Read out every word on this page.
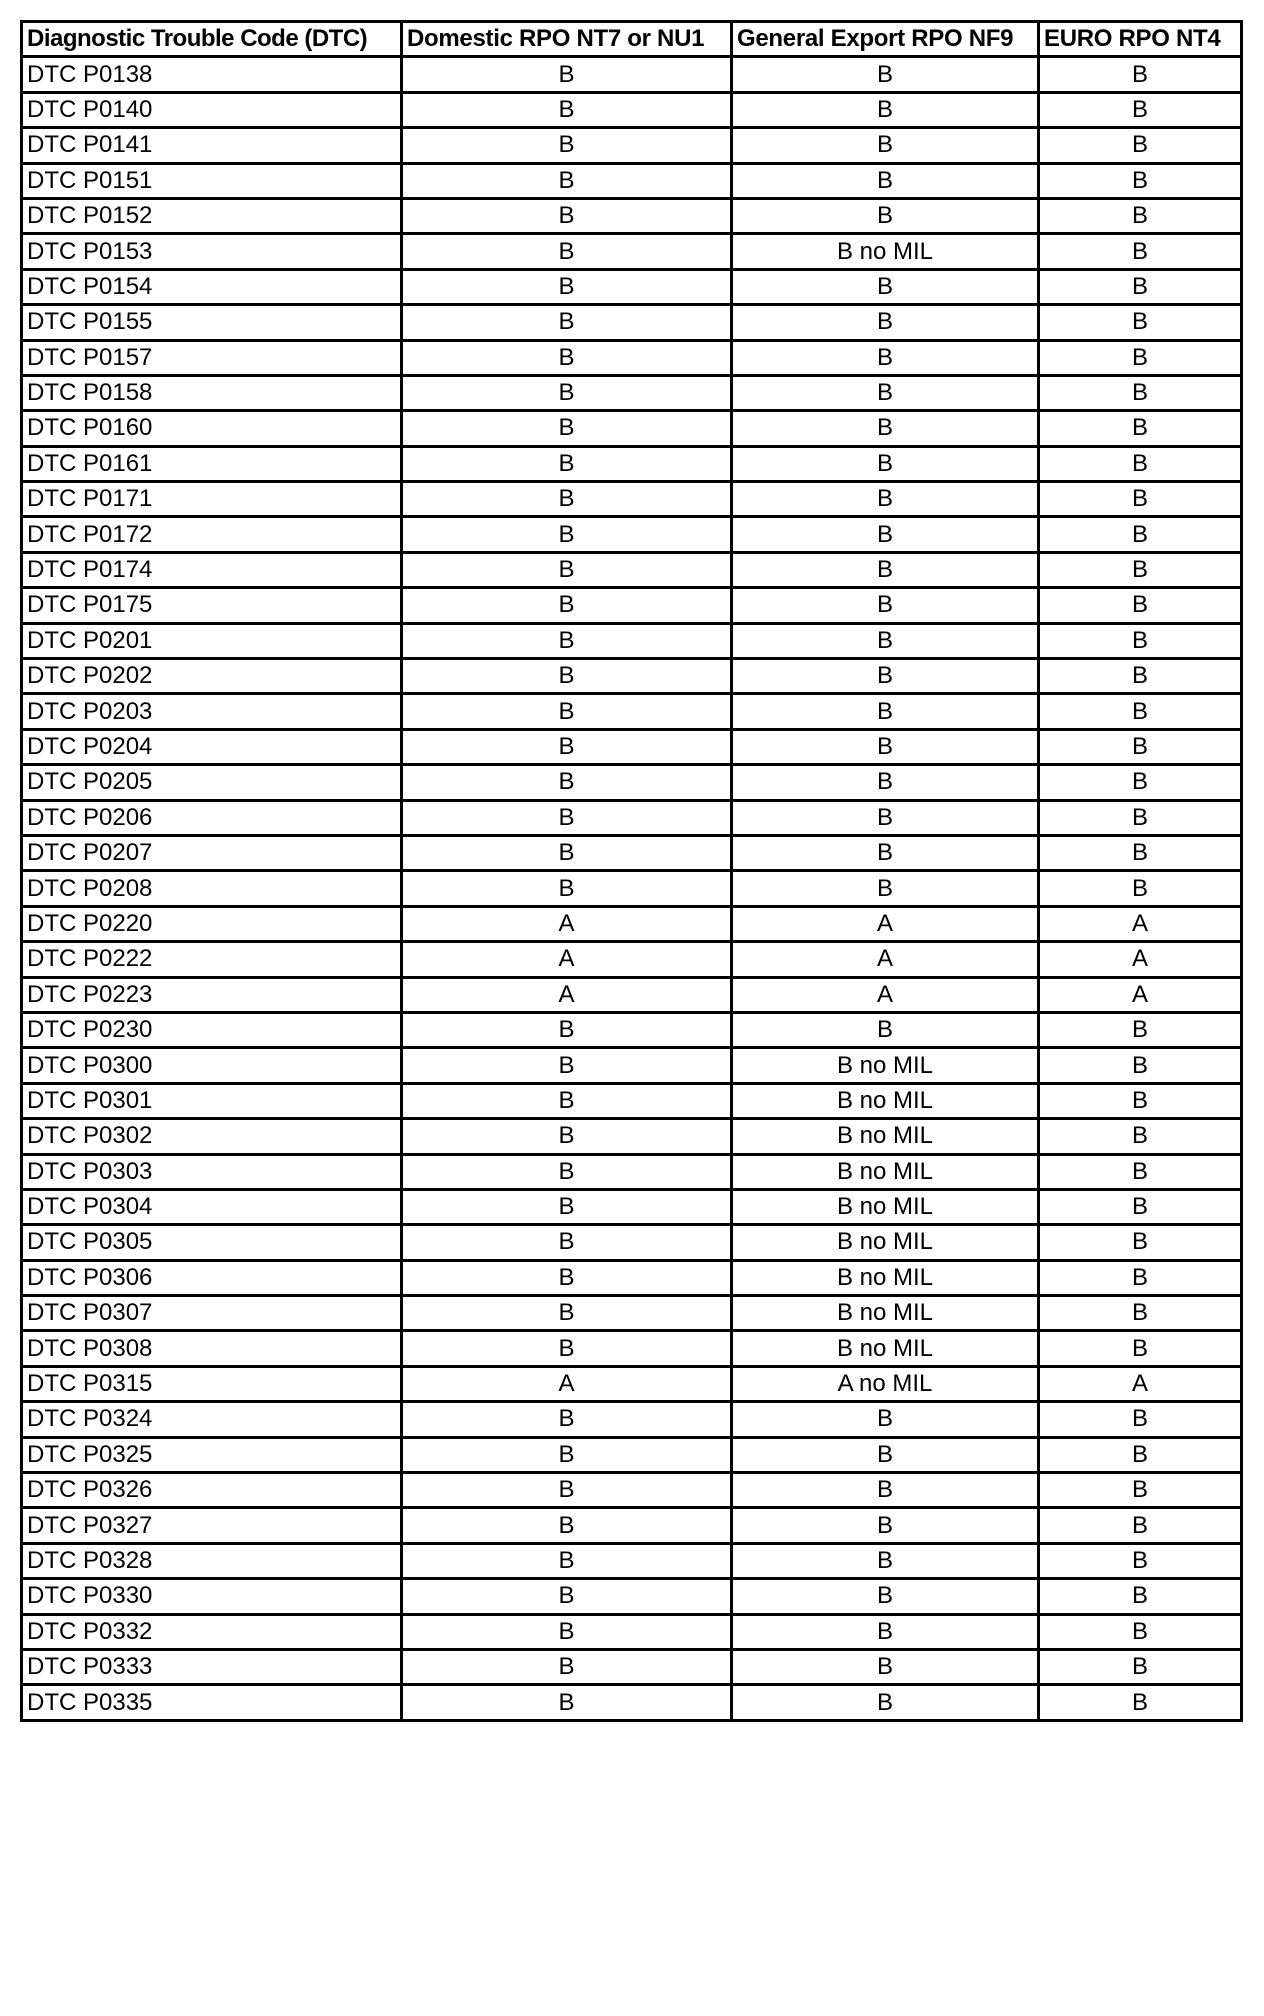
Diagnostic Trouble Code (DTC)	Domestic RPO NT7 or NU1	General Export RPO NF9	EURO RPO NT4
DTC P0138	B	B	B
DTC P0140	B	B	B
DTC P0141	B	B	B
DTC P0151	B	B	B
DTC P0152	B	B	B
DTC P0153	B	B no MIL	B
DTC P0154	B	B	B
DTC P0155	B	B	B
DTC P0157	B	B	B
DTC P0158	B	B	B
DTC P0160	B	B	B
DTC P0161	B	B	B
DTC P0171	B	B	B
DTC P0172	B	B	B
DTC P0174	B	B	B
DTC P0175	B	B	B
DTC P0201	B	B	B
DTC P0202	B	B	B
DTC P0203	B	B	B
DTC P0204	B	B	B
DTC P0205	B	B	B
DTC P0206	B	B	B
DTC P0207	B	B	B
DTC P0208	B	B	B
DTC P0220	A	A	A
DTC P0222	A	A	A
DTC P0223	A	A	A
DTC P0230	B	B	B
DTC P0300	B	B no MIL	B
DTC P0301	B	B no MIL	B
DTC P0302	B	B no MIL	B
DTC P0303	B	B no MIL	B
DTC P0304	B	B no MIL	B
DTC P0305	B	B no MIL	B
DTC P0306	B	B no MIL	B
DTC P0307	B	B no MIL	B
DTC P0308	B	B no MIL	B
DTC P0315	A	A no MIL	A
DTC P0324	B	B	B
DTC P0325	B	B	B
DTC P0326	B	B	B
DTC P0327	B	B	B
DTC P0328	B	B	B
DTC P0330	B	B	B
DTC P0332	B	B	B
DTC P0333	B	B	B
DTC P0335	B	B	B
